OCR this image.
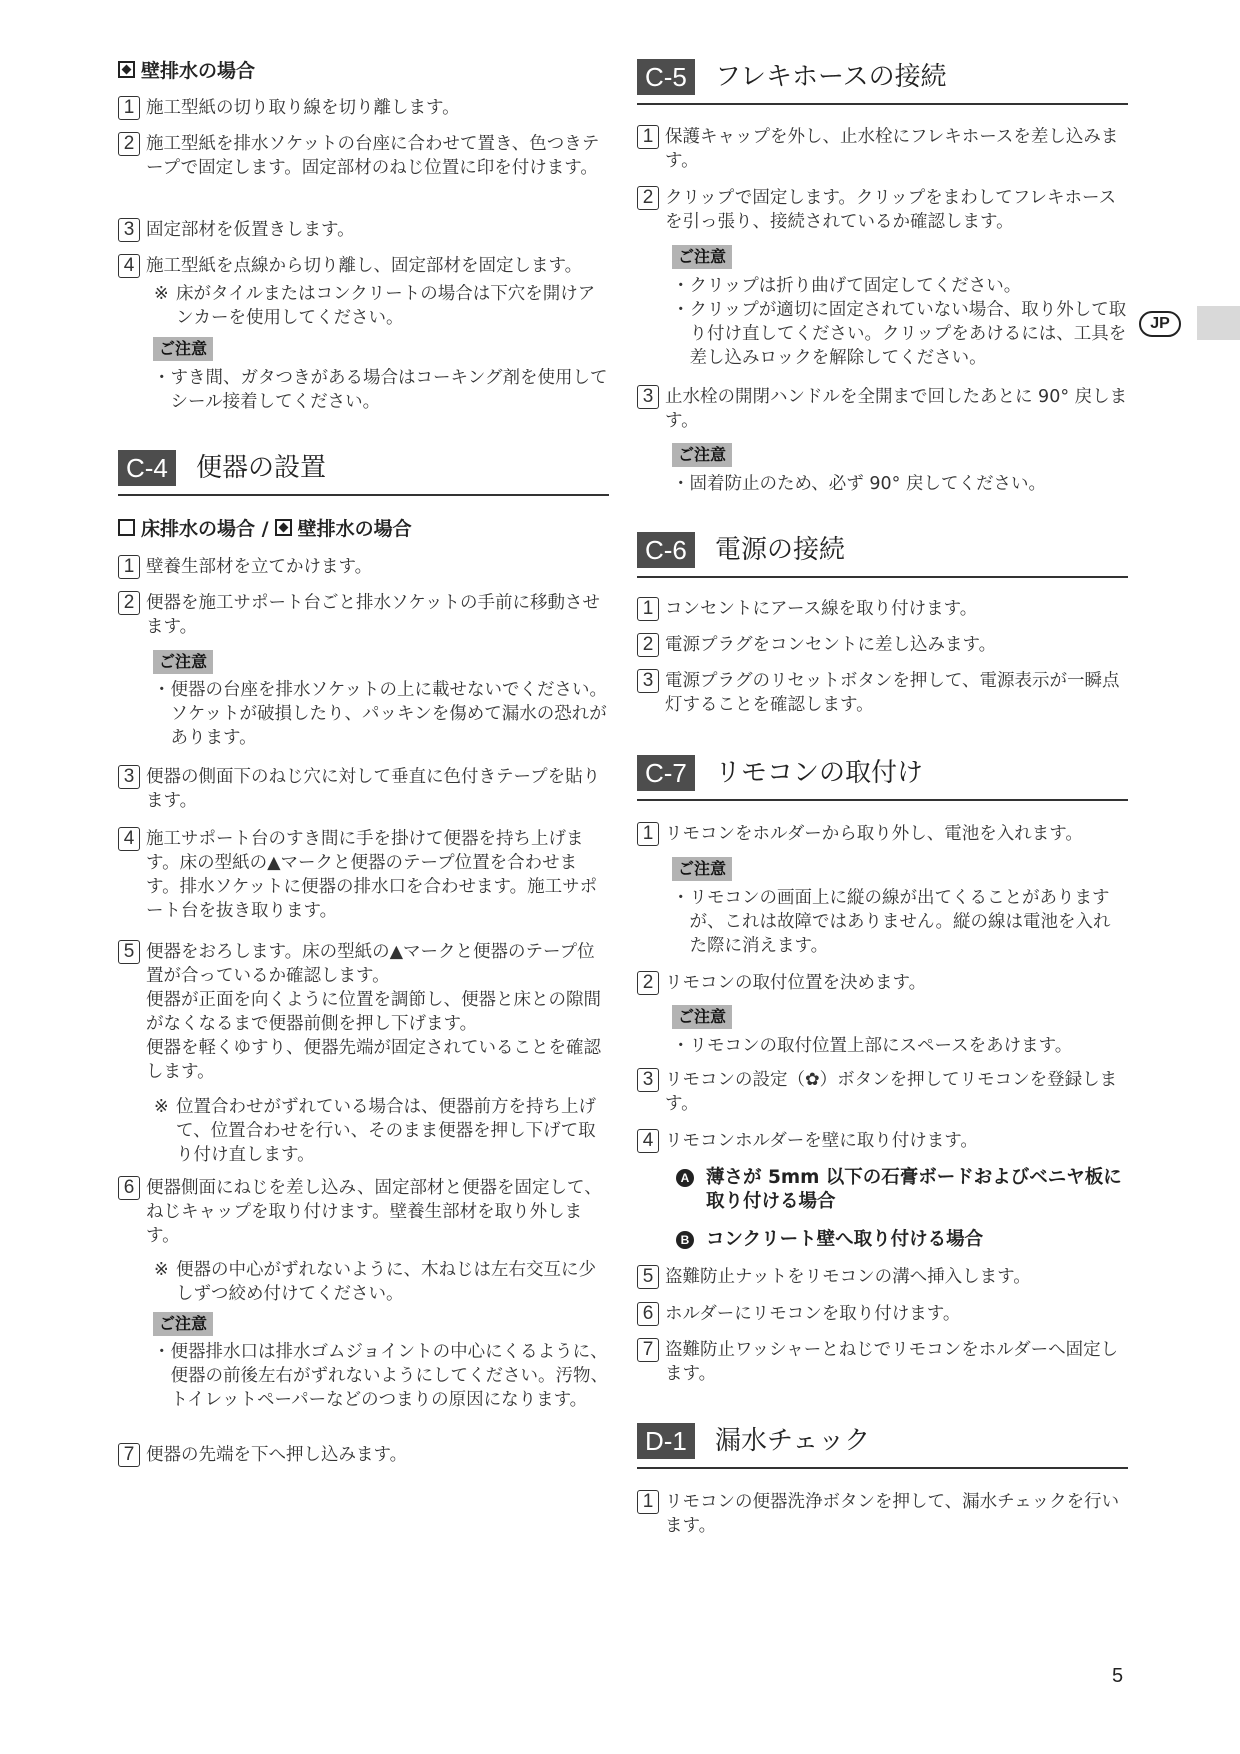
壁排水の場合
1 施工型紙の切り取り線を切り離します。
2 施工型紙を排水ソケットの台座に合わせて置き、色つきテープで固定します。固定部材のねじ位置に印を付けます。
3 固定部材を仮置きします。
4 施工型紙を点線から切り離し、固定部材を固定します。
※ 床がタイルまたはコンクリートの場合は下穴を開けアンカーを使用してください。
ご注意
・ すき間、ガタつきがある場合はコーキング剤を使用してシール接着してください。
C-4	便器の設置
床排水の場合 / 壁排水の場合
1 壁養生部材を立てかけます。
2 便器を施工サポート台ごと排水ソケットの手前に移動させます。
ご注意
・ 便器の台座を排水ソケットの上に載せないでください。ソケットが破損したり、パッキンを傷めて漏水の恐れがあります。
3 便器の側面下のねじ穴に対して垂直に色付きテープを貼ります。
4 施工サポート台のすき間に手を掛けて便器を持ち上げます。床の型紙の▲マークと便器のテープ位置を合わせます。排水ソケットに便器の排水口を合わせます。施工サポート台を抜き取ります。
5 便器をおろします。床の型紙の▲マークと便器のテープ位置が合っているか確認します。
便器が正面を向くように位置を調節し、便器と床との隙間がなくなるまで便器前側を押し下げます。
便器を軽くゆすり、便器先端が固定されていることを確認します。
※ 位置合わせがずれている場合は、便器前方を持ち上げて、位置合わせを行い、そのまま便器を押し下げて取り付け直します。
6 便器側面にねじを差し込み、固定部材と便器を固定して、ねじキャップを取り付けます。壁養生部材を取り外します。
※ 便器の中心がずれないように、木ねじは左右交互に少しずつ絞め付けてください。
ご注意
・ 便器排水口は排水ゴムジョイントの中心にくるように、便器の前後左右がずれないようにしてください。汚物、トイレットペーパーなどのつまりの原因になります。
7 便器の先端を下へ押し込みます。
C-5	フレキホースの接続
1 保護キャップを外し、止水栓にフレキホースを差し込みます。
2 クリップで固定します。クリップをまわしてフレキホースを引っ張り、接続されているか確認します。
ご注意
・ クリップは折り曲げて固定してください。
・ クリップが適切に固定されていない場合、取り外して取り付け直してください。クリップをあけるには、工具を差し込みロックを解除してください。
3 止水栓の開閉ハンドルを全開まで回したあとに 90° 戻します。
ご注意
・ 固着防止のため、必ず 90° 戻してください。
C-6	電源の接続
1 コンセントにアース線を取り付けます。
2 電源プラグをコンセントに差し込みます。
3 電源プラグのリセットボタンを押して、電源表示が一瞬点灯することを確認します。
C-7	リモコンの取付け
1 リモコンをホルダーから取り外し、電池を入れます。
ご注意
・ リモコンの画面上に縦の線が出てくることがありますが、これは故障ではありません。縦の線は電池を入れた際に消えます。
2 リモコンの取付位置を決めます。
ご注意
・ リモコンの取付位置上部にスペースをあけます。
3 リモコンの設定（✿）ボタンを押してリモコンを登録します。
4 リモコンホルダーを壁に取り付けます。
A 薄さが 5mm 以下の石膏ボードおよびベニヤ板に取り付ける場合
B コンクリート壁へ取り付ける場合
5 盗難防止ナットをリモコンの溝へ挿入します。
6 ホルダーにリモコンを取り付けます。
7 盗難防止ワッシャーとねじでリモコンをホルダーへ固定します。
D-1	漏水チェック
1 リモコンの便器洗浄ボタンを押して、漏水チェックを行います。
JP
5
